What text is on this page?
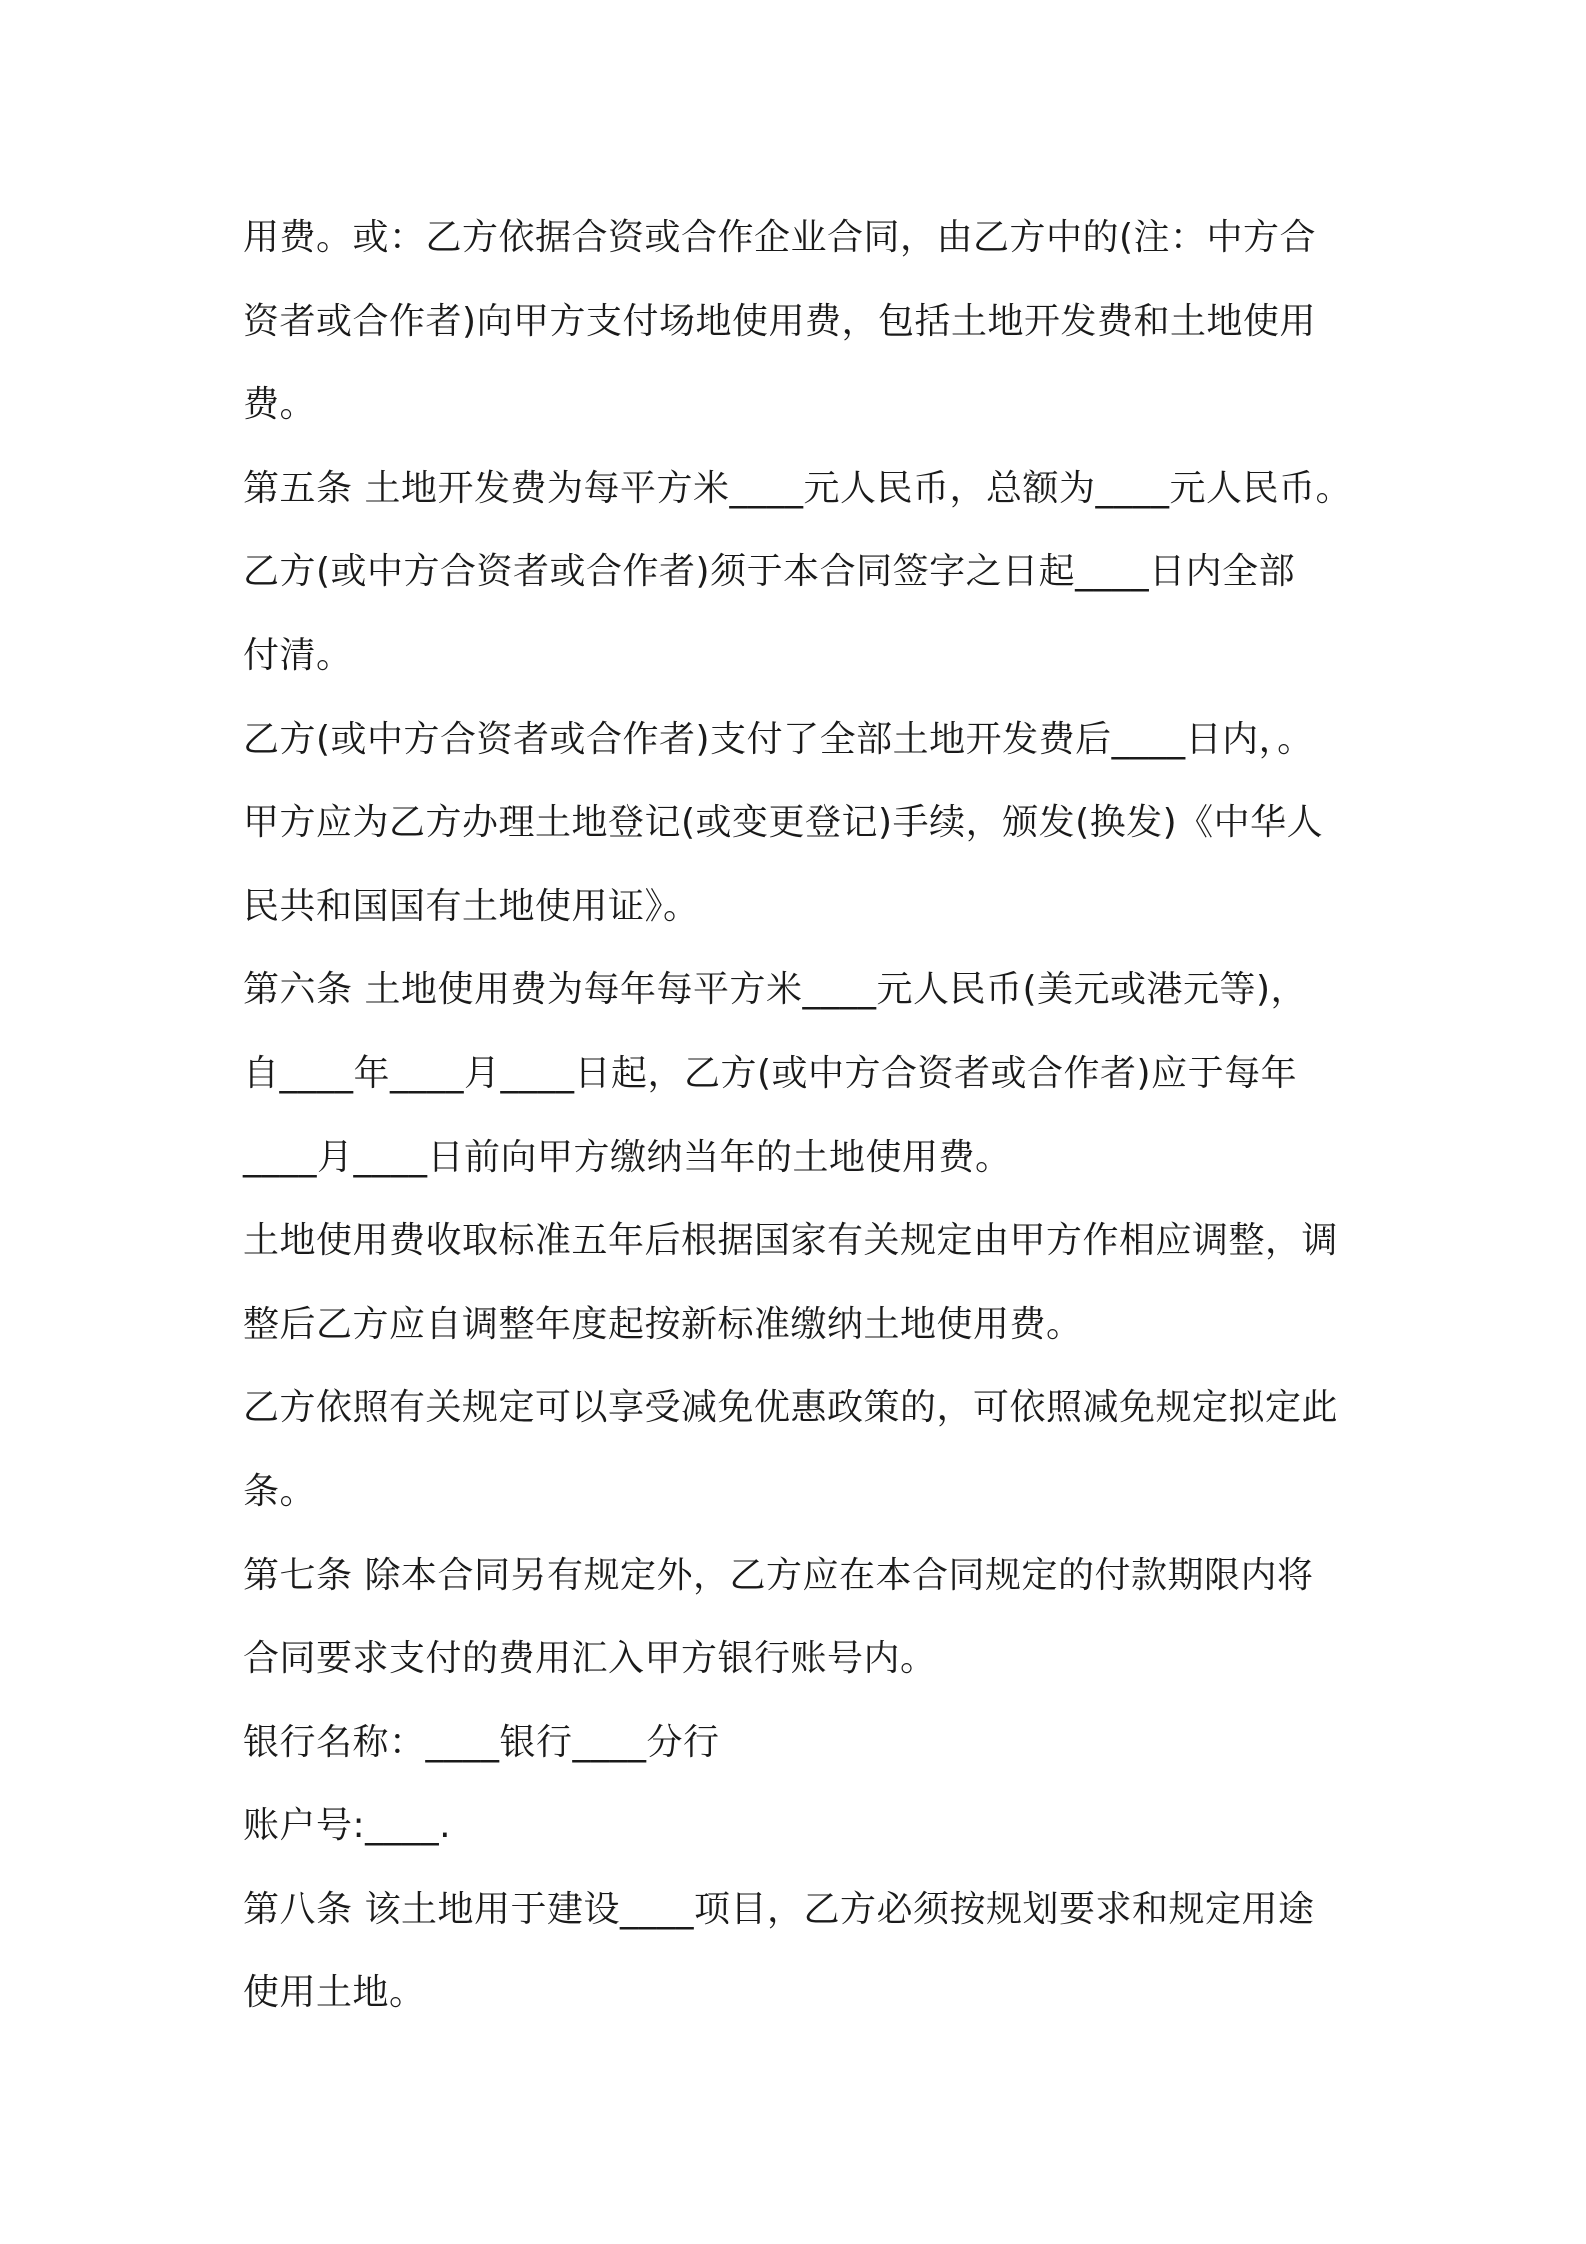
用费。或：乙方依据合资或合作企业合同，由乙方中的(注：中方合
资者或合作者)向甲方支付场地使用费，包括土地开发费和土地使用
费。
第五条 土地开发费为每平方米____元人民币，总额为____元人民币。
乙方(或中方合资者或合作者)须于本合同签字之日起____日内全部
付清。
乙方(或中方合资者或合作者)支付了全部土地开发费后____日内，。
甲方应为乙方办理土地登记(或变更登记)手续，颁发(换发)《中华人
民共和国国有土地使用证》。
第六条 土地使用费为每年每平方米____元人民币(美元或港元等)，
自____年____月____日起，乙方(或中方合资者或合作者)应于每年
____月____日前向甲方缴纳当年的土地使用费。
土地使用费收取标准五年后根据国家有关规定由甲方作相应调整，调
整后乙方应自调整年度起按新标准缴纳土地使用费。
乙方依照有关规定可以享受减免优惠政策的，可依照减免规定拟定此
条。
第七条 除本合同另有规定外，乙方应在本合同规定的付款期限内将
合同要求支付的费用汇入甲方银行账号内。
银行名称：____银行____分行
账户号:____.
第八条 该土地用于建设____项目，乙方必须按规划要求和规定用途
使用土地。
